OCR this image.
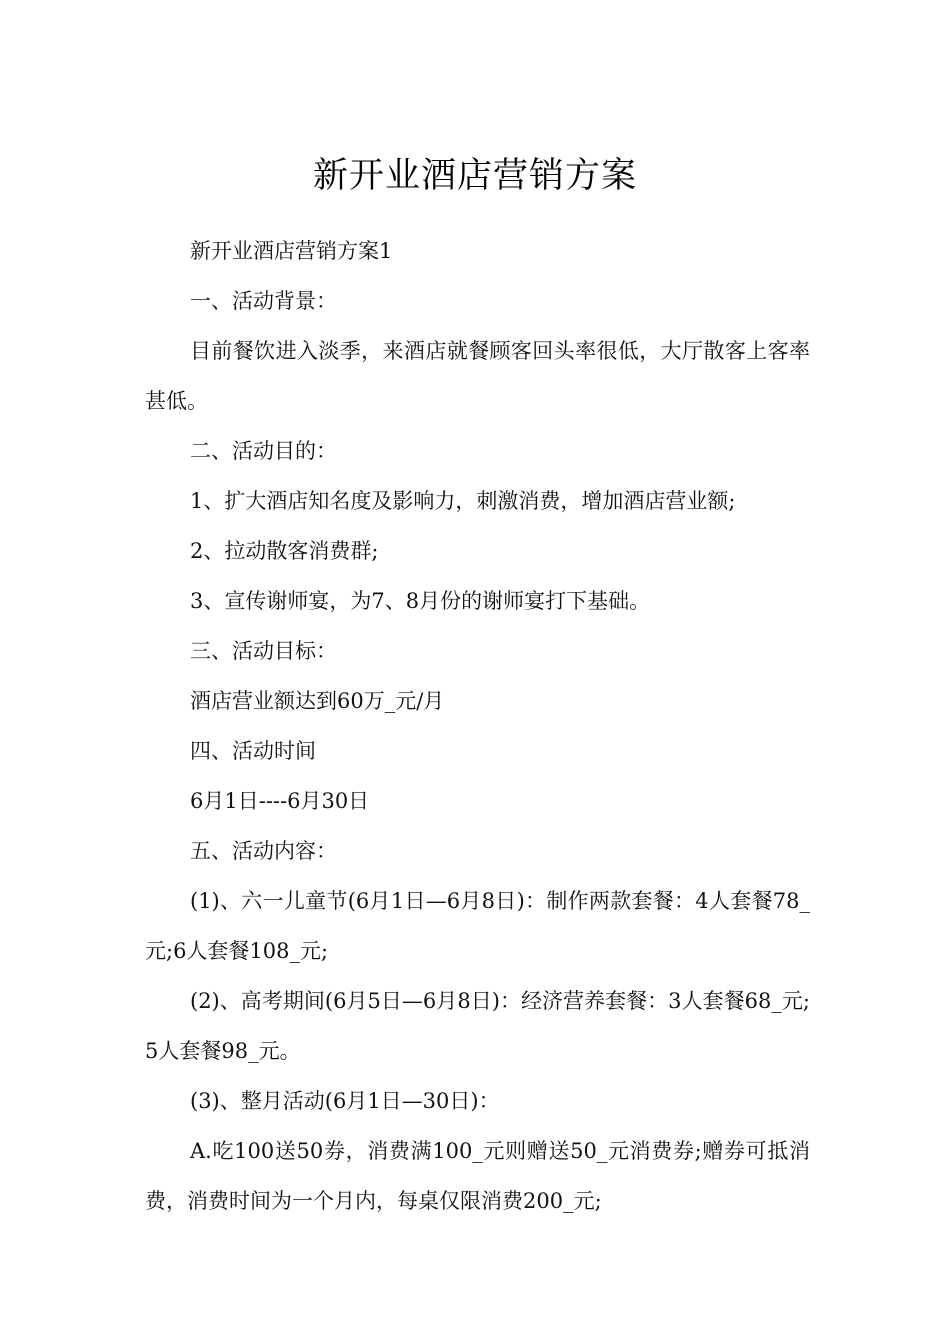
新开业酒店营销方案

新开业酒店营销方案1

一、活动背景：

目前餐饮进入淡季，来酒店就餐顾客回头率很低，大厅散客上客率甚低。

二、活动目的：

1、扩大酒店知名度及影响力，刺激消费，增加酒店营业额;

2、拉动散客消费群;

3、宣传谢师宴，为7、8月份的谢师宴打下基础。

三、活动目标：

酒店营业额达到60万_元/月

四、活动时间

6月1日----6月30日

五、活动内容：

(1)、六一儿童节(6月1日—6月8日)：制作两款套餐：4人套餐78_元;6人套餐108_元;

(2)、高考期间(6月5日—6月8日)：经济营养套餐：3人套餐68_元;5人套餐98_元。

(3)、整月活动(6月1日—30日)：

A.吃100送50券，消费满100_元则赠送50_元消费券;赠券可抵消费，消费时间为一个月内，每桌仅限消费200_元;
